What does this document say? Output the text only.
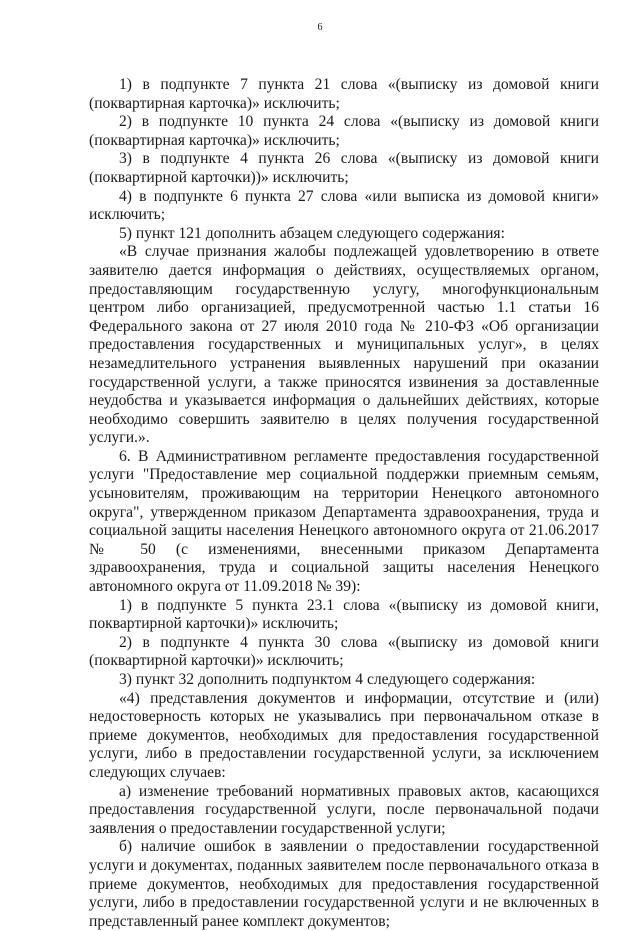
6

1) в подпункте 7 пункта 21 слова «(выписку из домовой книги (поквартирная карточка)» исключить;

2) в подпункте 10 пункта 24 слова «(выписку из домовой книги (поквартирная карточка)» исключить;

3) в подпункте 4 пункта 26 слова «(выписку из домовой книги (поквартирной карточки))» исключить;

4) в подпункте 6 пункта 27 слова «или выписка из домовой книги» исключить;

5) пункт 121 дополнить абзацем следующего содержания:

«В случае признания жалобы подлежащей удовлетворению в ответе заявителю дается информация о действиях, осуществляемых органом, предоставляющим государственную услугу, многофункциональным центром либо организацией, предусмотренной частью 1.1 статьи 16 Федерального закона от 27 июля 2010 года № 210-ФЗ «Об организации предоставления государственных и муниципальных услуг», в целях незамедлительного устранения выявленных нарушений при оказании государственной услуги, а также приносятся извинения за доставленные неудобства и указывается информация о дальнейших действиях, которые необходимо совершить заявителю в целях получения государственной услуги.».

6. В Административном регламенте предоставления государственной услуги "Предоставление мер социальной поддержки приемным семьям, усыновителям, проживающим на территории Ненецкого автономного округа", утвержденном приказом Департамента здравоохранения, труда и социальной защиты населения Ненецкого автономного округа от 21.06.2017 № 50 (с изменениями, внесенными приказом Департамента здравоохранения, труда и социальной защиты населения Ненецкого автономного округа от 11.09.2018 № 39):

1) в подпункте 5 пункта 23.1 слова «(выписку из домовой книги, поквартирной карточки)» исключить;

2) в подпункте 4 пункта 30 слова «(выписку из домовой книги (поквартирной карточки)» исключить;

3) пункт 32 дополнить подпунктом 4 следующего содержания:

«4) представления документов и информации, отсутствие и (или) недостоверность которых не указывались при первоначальном отказе в приеме документов, необходимых для предоставления государственной услуги, либо в предоставлении государственной услуги, за исключением следующих случаев:

а) изменение требований нормативных правовых актов, касающихся предоставления государственной услуги, после первоначальной подачи заявления о предоставлении государственной услуги;

б) наличие ошибок в заявлении о предоставлении государственной услуги и документах, поданных заявителем после первоначального отказа в приеме документов, необходимых для предоставления государственной услуги, либо в предоставлении государственной услуги и не включенных в представленный ранее комплект документов;
